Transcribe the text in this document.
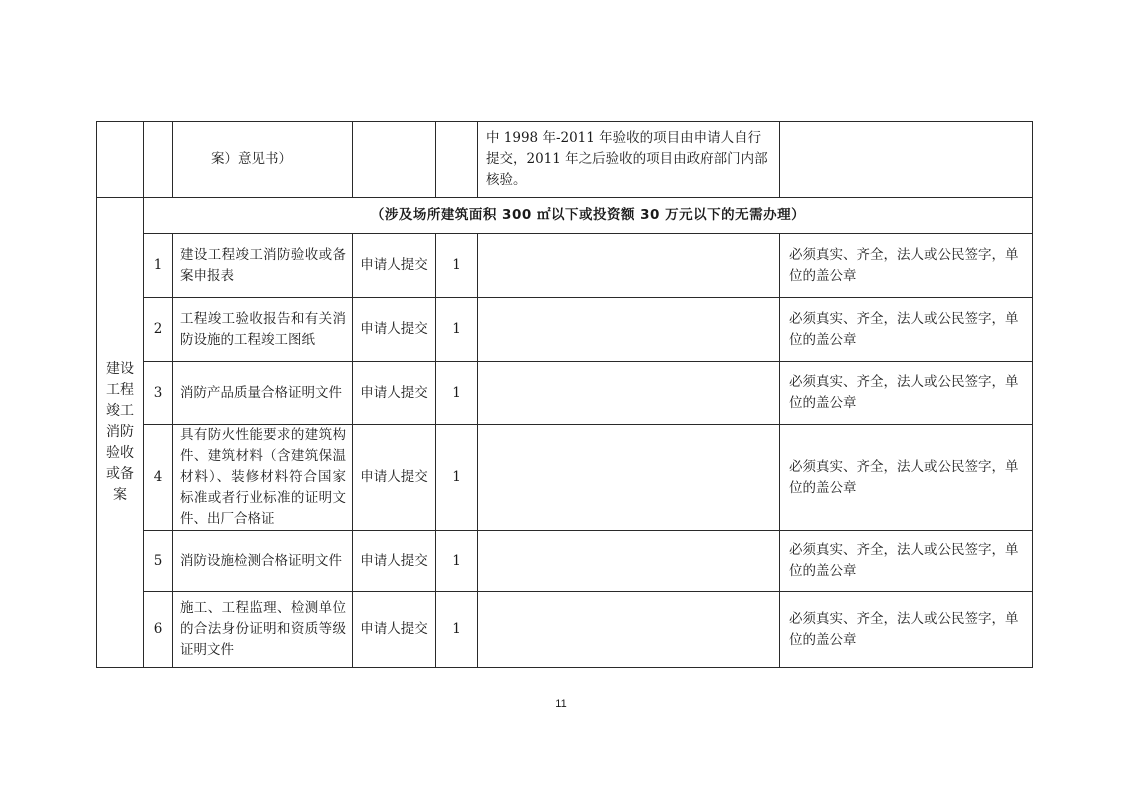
		案）意见书）			中 1998 年-2011 年验收的项目由申请人自行提交，2011 年之后验收的项目由政府部门内部核验。	
建设工程竣工消防验收或备案	（涉及场所建筑面积 300 ㎡以下或投资额 30 万元以下的无需办理）					
	1	建设工程竣工消防验收或备案申报表	申请人提交	1		必须真实、齐全，法人或公民签字，单位的盖公章
	2	工程竣工验收报告和有关消防设施的工程竣工图纸	申请人提交	1		必须真实、齐全，法人或公民签字，单位的盖公章
	3	消防产品质量合格证明文件	申请人提交	1		必须真实、齐全，法人或公民签字，单位的盖公章
	4	具有防火性能要求的建筑构件、建筑材料（含建筑保温材料）、装修材料符合国家标准或者行业标准的证明文件、出厂合格证	申请人提交	1		必须真实、齐全，法人或公民签字，单位的盖公章
	5	消防设施检测合格证明文件	申请人提交	1		必须真实、齐全，法人或公民签字，单位的盖公章
	6	施工、工程监理、检测单位的合法身份证明和资质等级证明文件	申请人提交	1		必须真实、齐全，法人或公民签字，单位的盖公章
11
